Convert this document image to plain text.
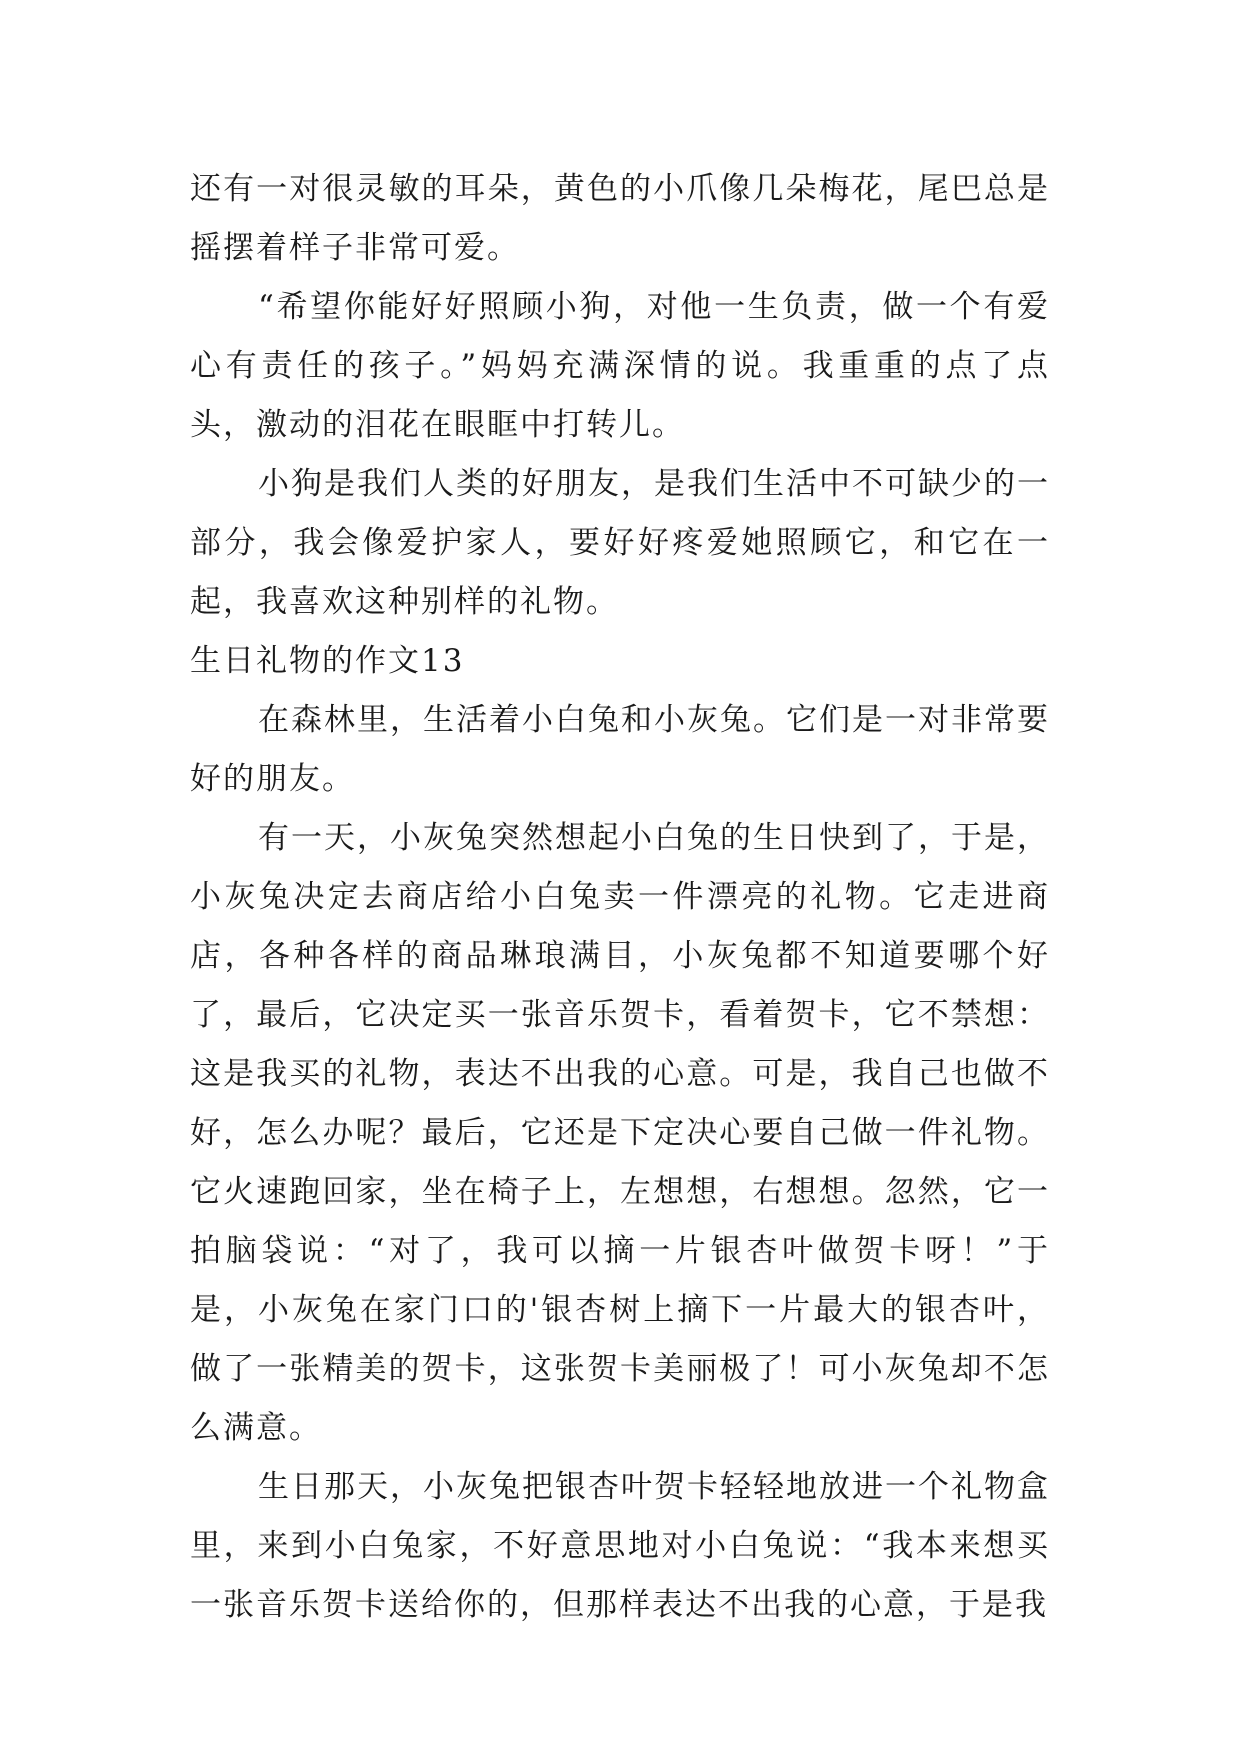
还有一对很灵敏的耳朵，黄色的小爪像几朵梅花，尾巴总是摇摆着样子非常可爱。

“希望你能好好照顾小狗，对他一生负责，做一个有爱心有责任的孩子。”妈妈充满深情的说。我重重的点了点头，激动的泪花在眼眶中打转儿。

小狗是我们人类的好朋友，是我们生活中不可缺少的一部分，我会像爱护家人，要好好疼爱她照顾它，和它在一起，我喜欢这种别样的礼物。

生日礼物的作文13

在森林里，生活着小白兔和小灰兔。它们是一对非常要好的朋友。

有一天，小灰兔突然想起小白兔的生日快到了，于是，小灰兔决定去商店给小白兔卖一件漂亮的礼物。它走进商店，各种各样的商品琳琅满目，小灰兔都不知道要哪个好了，最后，它决定买一张音乐贺卡，看着贺卡，它不禁想：这是我买的礼物，表达不出我的心意。可是，我自己也做不好，怎么办呢？最后，它还是下定决心要自己做一件礼物。它火速跑回家，坐在椅子上，左想想，右想想。忽然，它一拍脑袋说：“对了，我可以摘一片银杏叶做贺卡呀！”于是，小灰兔在家门口的'银杏树上摘下一片最大的银杏叶，做了一张精美的贺卡，这张贺卡美丽极了！可小灰兔却不怎么满意。

生日那天，小灰兔把银杏叶贺卡轻轻地放进一个礼物盒里，来到小白兔家，不好意思地对小白兔说：“我本来想买一张音乐贺卡送给你的，但那样表达不出我的心意，于是我
